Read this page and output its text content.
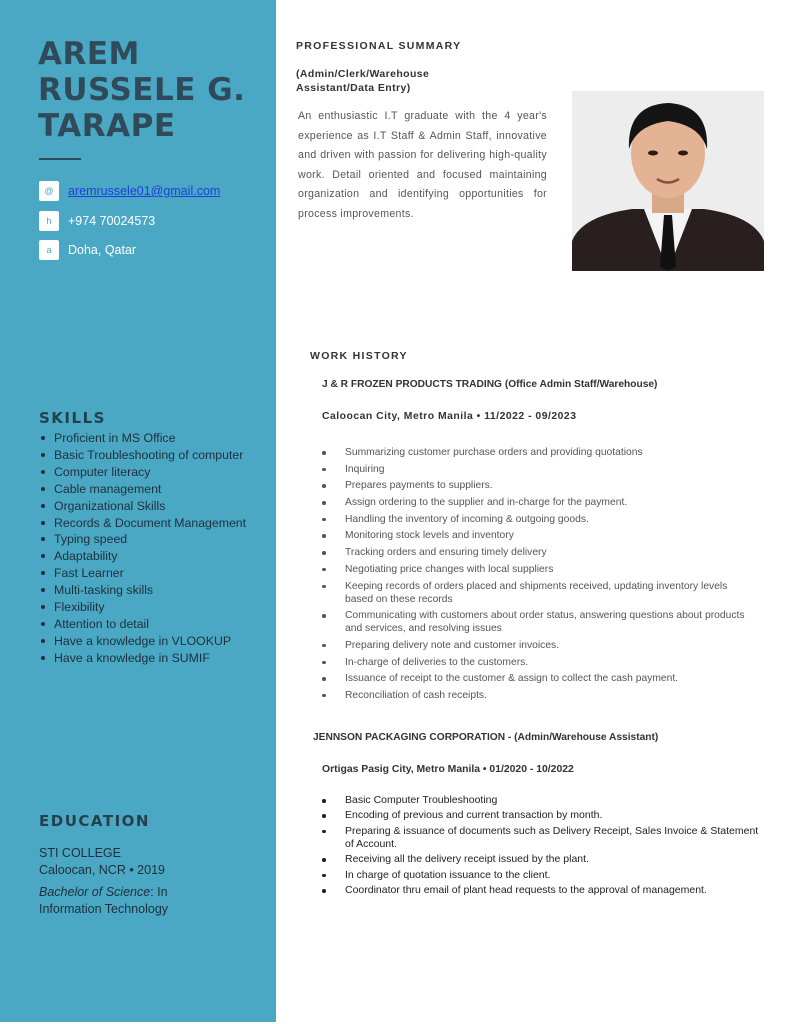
AREM
RUSSELE G.
TARAPE
@	aremrussele01@gmail.com
h	+974 70024573
a	Doha, Qatar
SKILLS
Proficient in MS Office
Basic Troubleshooting of computer
Computer literacy
Cable management
Organizational Skills
Records & Document Management
Typing speed
Adaptability
Fast Learner
Multi-tasking skills
Flexibility
Attention to detail
Have a knowledge in VLOOKUP
Have a knowledge in SUMIF
EDUCATION
STI COLLEGE
Caloocan, NCR • 2019
Bachelor of Science: In
Information Technology
PROFESSIONAL SUMMARY
(Admin/Clerk/Warehouse
Assistant/Data Entry)
An enthusiastic I.T graduate with the 4 year's experience as I.T Staff & Admin Staff, innovative and driven with passion for delivering high-quality work. Detail oriented and focused maintaining organization and identifying opportunities for process improvements.
WORK HISTORY
J & R FROZEN PRODUCTS TRADING (Office Admin Staff/Warehouse)
Caloocan City, Metro Manila • 11/2022 - 09/2023
Summarizing customer purchase orders and providing quotations
Inquiring
Prepares payments to suppliers.
Assign ordering to the supplier and in-charge for the payment.
Handling the inventory of incoming & outgoing goods.
Monitoring stock levels and inventory
Tracking orders and ensuring timely delivery
Negotiating price changes with local suppliers
Keeping records of orders placed and shipments received, updating inventory levels based on these records
Communicating with customers about order status, answering questions about products and services, and resolving issues
Preparing delivery note and customer invoices.
In-charge of deliveries to the customers.
Issuance of receipt to the customer & assign to collect the cash payment.
Reconciliation of cash receipts.
JENNSON PACKAGING CORPORATION - (Admin/Warehouse Assistant)
Ortigas Pasig City, Metro Manila • 01/2020 - 10/2022
Basic Computer Troubleshooting
Encoding of previous and current transaction by month.
Preparing & issuance of documents such as Delivery Receipt, Sales Invoice & Statement of Account.
Receiving all the delivery receipt issued by the plant.
In charge of quotation issuance to the client.
Coordinator thru email of plant head requests to the approval of management.
